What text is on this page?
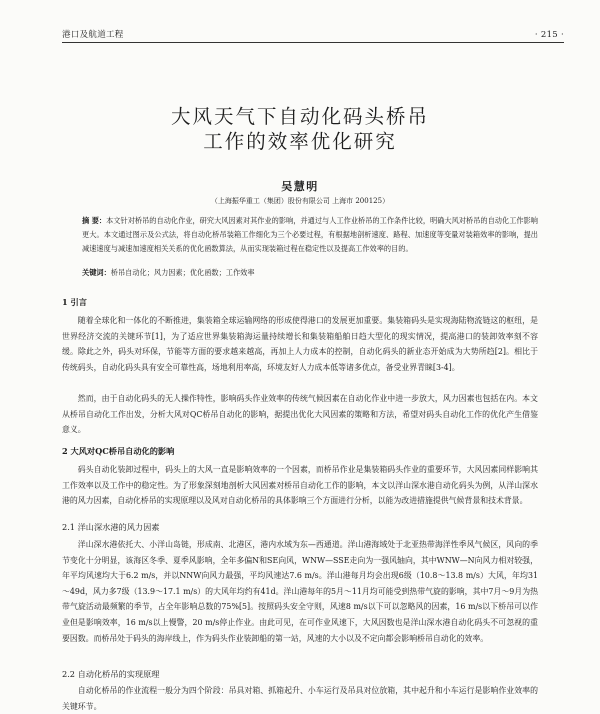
港口及航道工程	· 215 ·
大风天气下自动化码头桥吊
工作的效率优化研究
吴慧明
（上海振华重工（集团）股份有限公司 上海市 200125）
摘 要：本文针对桥吊的自动化作业，研究大风因素对其作业的影响，并通过与人工作业桥吊的工作条件比较，明确大风对桥吊的自动化工作影响更大。本文通过图示及公式法，将自动化桥吊装箱工作细化为三个必要过程，有根据地剖析速度、路程、加速度等变量对装箱效率的影响，提出减速速度与减速加速度相关关系的优化函数算法，从而实现装箱过程在稳定性以及提高工作效率的目的。
关键词：桥吊自动化；风力因素；优化函数；工作效率
1 引言
随着全球化和一体化的不断推进，集装箱全球运输网络的形成使得港口的发展更加重要。集装箱码头是实现海陆物流链这的枢纽，是世界经济交流的关键环节[1]，为了适应世界集装箱海运量持续增长和集装箱船舶日趋大型化的现实情况，提高港口的装卸效率刻不容缓。除此之外，码头对环保，节能等方面的要求越来越高，再加上人力成本的控制，自动化码头的新业态开始成为大势所趋[2]。相比于传统码头，自动化码头具有安全可靠性高，场地利用率高，环境友好人力成本低等诸多优点，备受业界青睐[3-4]。
然而，由于自动化码头的无人操作特性，影响码头作业效率的传统气候因素在自动化作业中进一步放大，风力因素也包括在内。本文从桥吊自动化工作出发，分析大风对QC桥吊自动化的影响，据提出优化大风因素的策略和方法，希望对码头自动化工作的优化产生借鉴意义。
2 大风对QC桥吊自动化的影响
码头自动化装卸过程中，码头上的大风一直是影响效率的一个因素，而桥吊作业是集装箱码头作业的重要环节，大风因素同样影响其工作效率以及工作中的稳定性。为了形象深刻地剖析大风因素对桥吊自动化工作的影响，本文以洋山深水港自动化码头为例，从洋山深水港的风力因素，自动化桥吊的实现原理以及风对自动化桥吊的具体影响三个方面进行分析，以能为改进措施提供气候背景和技术背景。
2.1 洋山深水港的风力因素
洋山深水港依托大、小洋山岛链，形成南、北港区，港内水域为东—西通道。洋山港海域处于北亚热带海洋性季风气候区，风向的季节变化十分明显，该海区冬季、夏季风影响，全年多偏N和SE向风，WNW—SSE走向为一强风轴向，其中WNW—N向风力相对较强，年平均风速均大于6.2 m/s，并以NNW向风力最强，平均风速达7.6 m/s。洋山港每月均会出现6级（10.8～13.8 m/s）大风，年均31～49d，风力多7级（13.9～17.1 m/s）的大风年均约有41d。洋山港每年的5月～11月均可能受到热带气旋的影响，其中7月～9月为热带气旋活动最频繁的季节，占全年影响总数的75%[5]。按照码头安全守则，风速8 m/s以下可以忽略风的因素，16 m/s以下桥吊可以作业但是影响效率，16 m/s以上慢警，20 m/s停止作业。由此可见，在可作业风速下，大风因数也是洋山深水港自动化码头不可忽视的重要因数。而桥吊处于码头的海岸线上，作为码头作业装卸船的第一站，风速的大小以及不定向都会影响桥吊自动化的效率。
2.2 自动化桥吊的实现原理
自动化桥吊的作业流程一般分为四个阶段：吊具对箱、抓箱起升、小车运行及吊具对位放箱，其中起升和小车运行是影响作业效率的关键环节。
